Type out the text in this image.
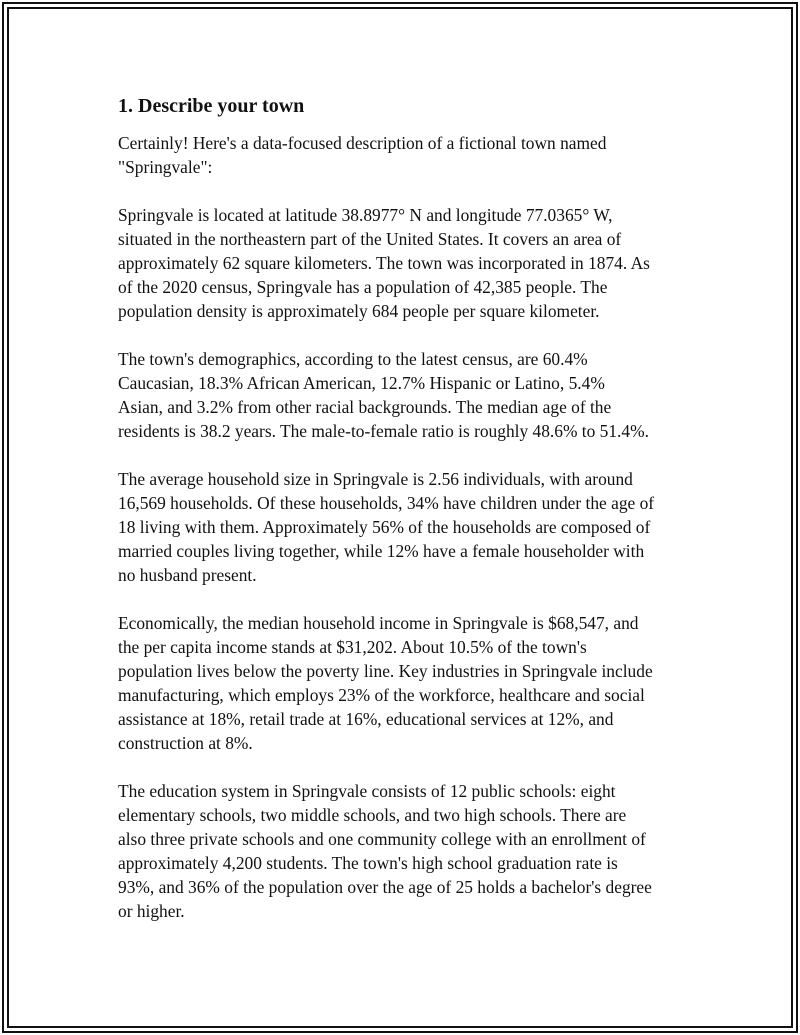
1. Describe your town

Certainly! Here's a data-focused description of a fictional town named
"Springvale":

Springvale is located at latitude 38.8977° N and longitude 77.0365° W,
situated in the northeastern part of the United States. It covers an area of
approximately 62 square kilometers. The town was incorporated in 1874. As
of the 2020 census, Springvale has a population of 42,385 people. The
population density is approximately 684 people per square kilometer.

The town's demographics, according to the latest census, are 60.4%
Caucasian, 18.3% African American, 12.7% Hispanic or Latino, 5.4%
Asian, and 3.2% from other racial backgrounds. The median age of the
residents is 38.2 years. The male-to-female ratio is roughly 48.6% to 51.4%.

The average household size in Springvale is 2.56 individuals, with around
16,569 households. Of these households, 34% have children under the age of
18 living with them. Approximately 56% of the households are composed of
married couples living together, while 12% have a female householder with
no husband present.

Economically, the median household income in Springvale is $68,547, and
the per capita income stands at $31,202. About 10.5% of the town's
population lives below the poverty line. Key industries in Springvale include
manufacturing, which employs 23% of the workforce, healthcare and social
assistance at 18%, retail trade at 16%, educational services at 12%, and
construction at 8%.

The education system in Springvale consists of 12 public schools: eight
elementary schools, two middle schools, and two high schools. There are
also three private schools and one community college with an enrollment of
approximately 4,200 students. The town's high school graduation rate is
93%, and 36% of the population over the age of 25 holds a bachelor's degree
or higher.
